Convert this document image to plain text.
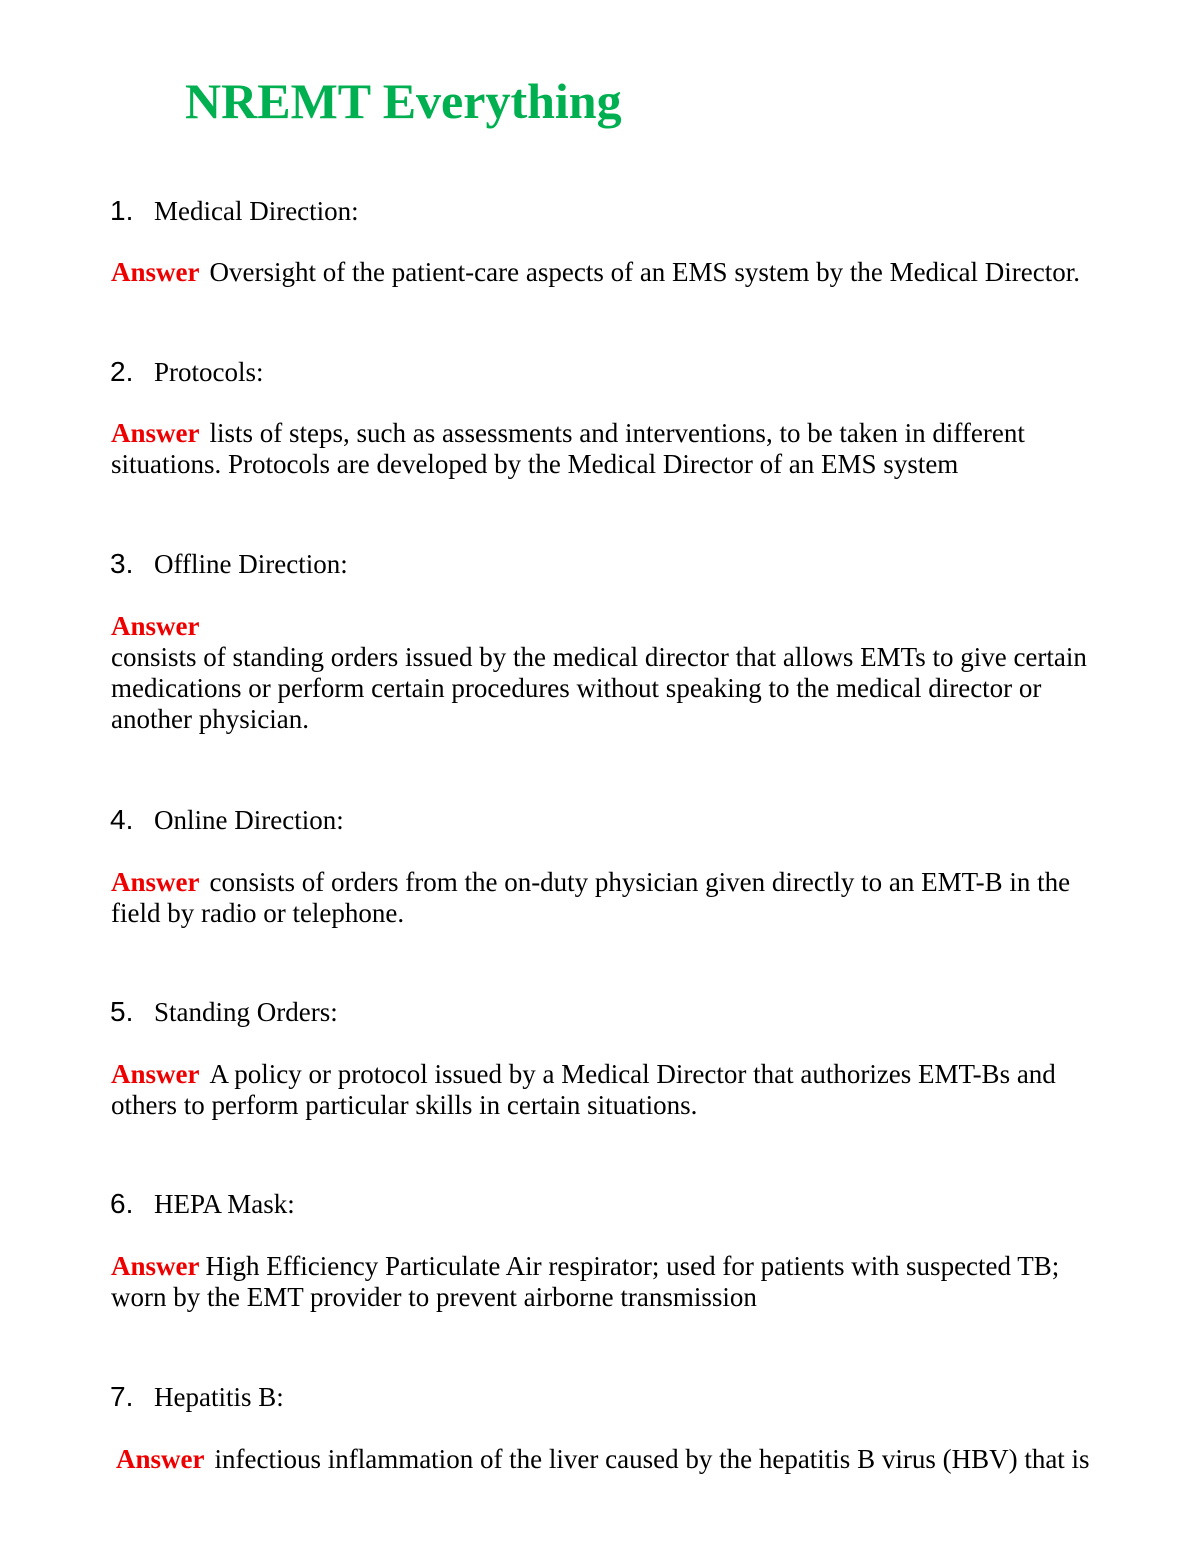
NREMT Everything

1. Medical Direction:

Answer Oversight of the patient-care aspects of an EMS system by the Medical Director.

2. Protocols:

Answer lists of steps, such as assessments and interventions, to be taken in different situations. Protocols are developed by the Medical Director of an EMS system

3. Offline Direction:

Answer
consists of standing orders issued by the medical director that allows EMTs to give certain medications or perform certain procedures without speaking to the medical director or another physician.

4. Online Direction:

Answer consists of orders from the on-duty physician given directly to an EMT-B in the field by radio or telephone.

5. Standing Orders:

Answer A policy or protocol issued by a Medical Director that authorizes EMT-Bs and others to perform particular skills in certain situations.

6. HEPA Mask:

Answer High Efficiency Particulate Air respirator; used for patients with suspected TB; worn by the EMT provider to prevent airborne transmission

7. Hepatitis B:

Answer infectious inflammation of the liver caused by the hepatitis B virus (HBV) that is
